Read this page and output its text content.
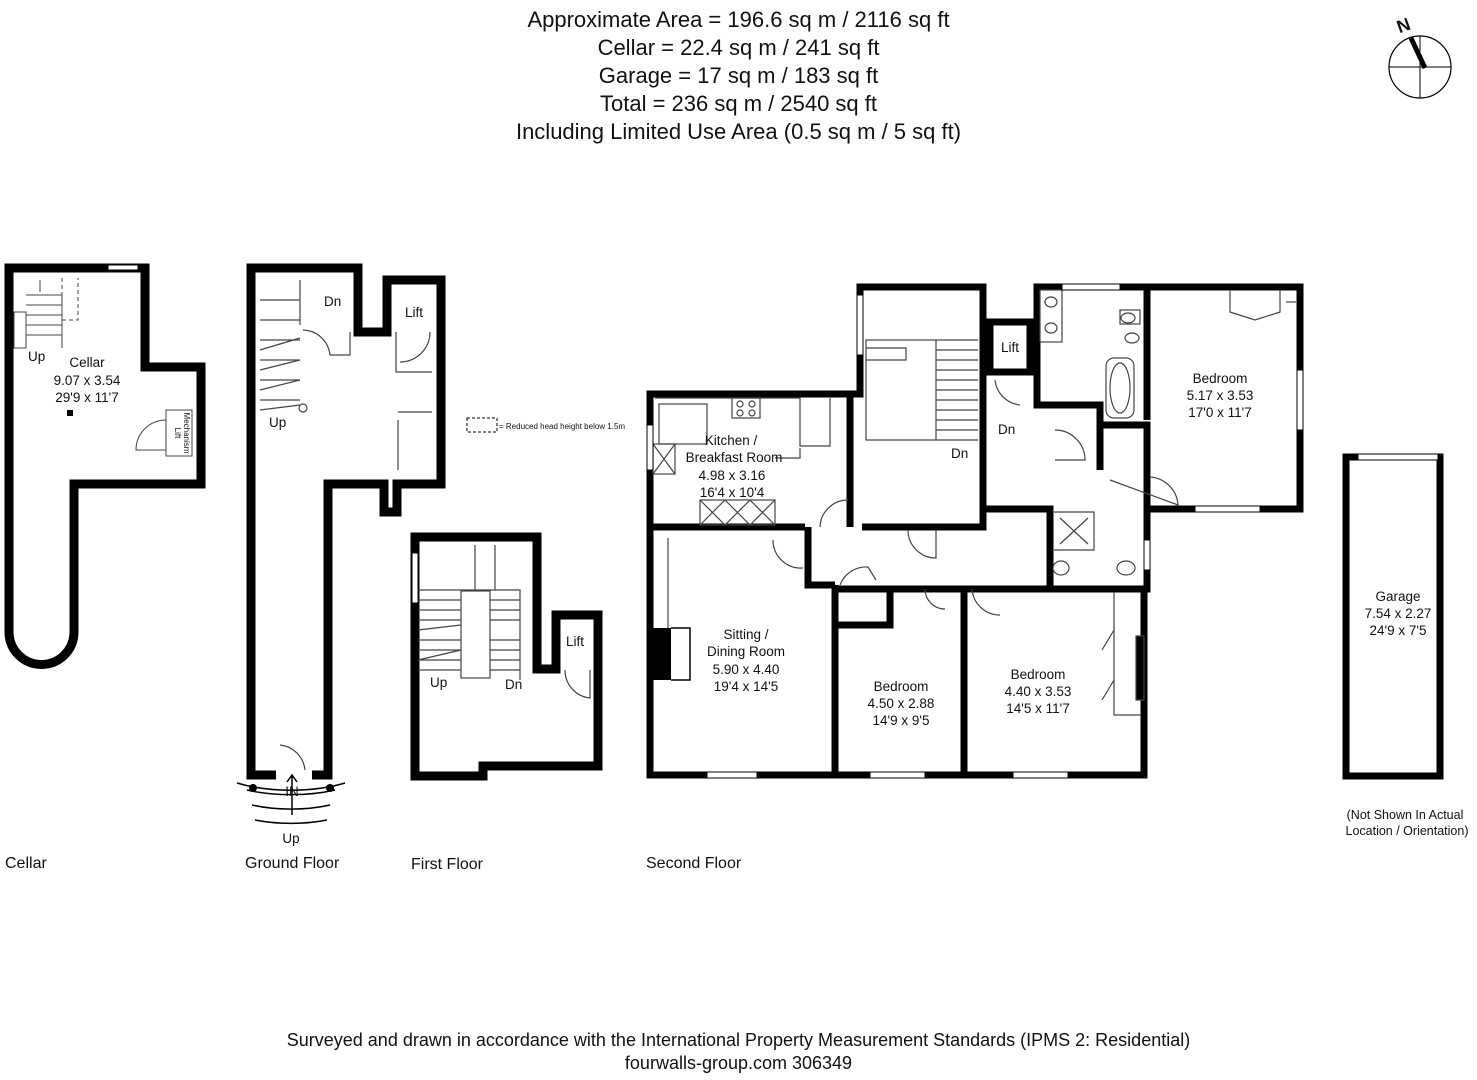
Approximate Area = 196.6 sq m / 2116 sq ft
Cellar = 22.4 sq m / 241 sq ft
Garage = 17 sq m / 183 sq ft
Total = 236 sq m / 2540 sq ft
Including Limited Use Area (0.5 sq m / 5 sq ft)
N
= Reduced head height below 1.5m
Up Cellar
9.07 x 3.54
29'9 x 11'7
Lift Mechanism
Dn
Lift
Up
IN
Up
Lift
Up	Dn
Kitchen /
Breakfast Room
4.98 x 3.16
16'4 x 10'4
Dn
Lift
Dn
Bedroom
5.17 x 3.53
17'0 x 11'7
Sitting /
Dining Room
5.90 x 4.40
19'4 x 14'5	Bedroom
4.50 x 2.88
14'9 x 9'5
Bedroom
4.40 x 3.53
14'5 x 11'7
Garage
7.54 x 2.27
24'9 x 7'5
(Not Shown In Actual
Location / Orientation)
Cellar	Ground Floor	First Floor	Second Floor
Surveyed and drawn in accordance with the International Property Measurement Standards (IPMS 2: Residential)
fourwalls-group.com 306349
